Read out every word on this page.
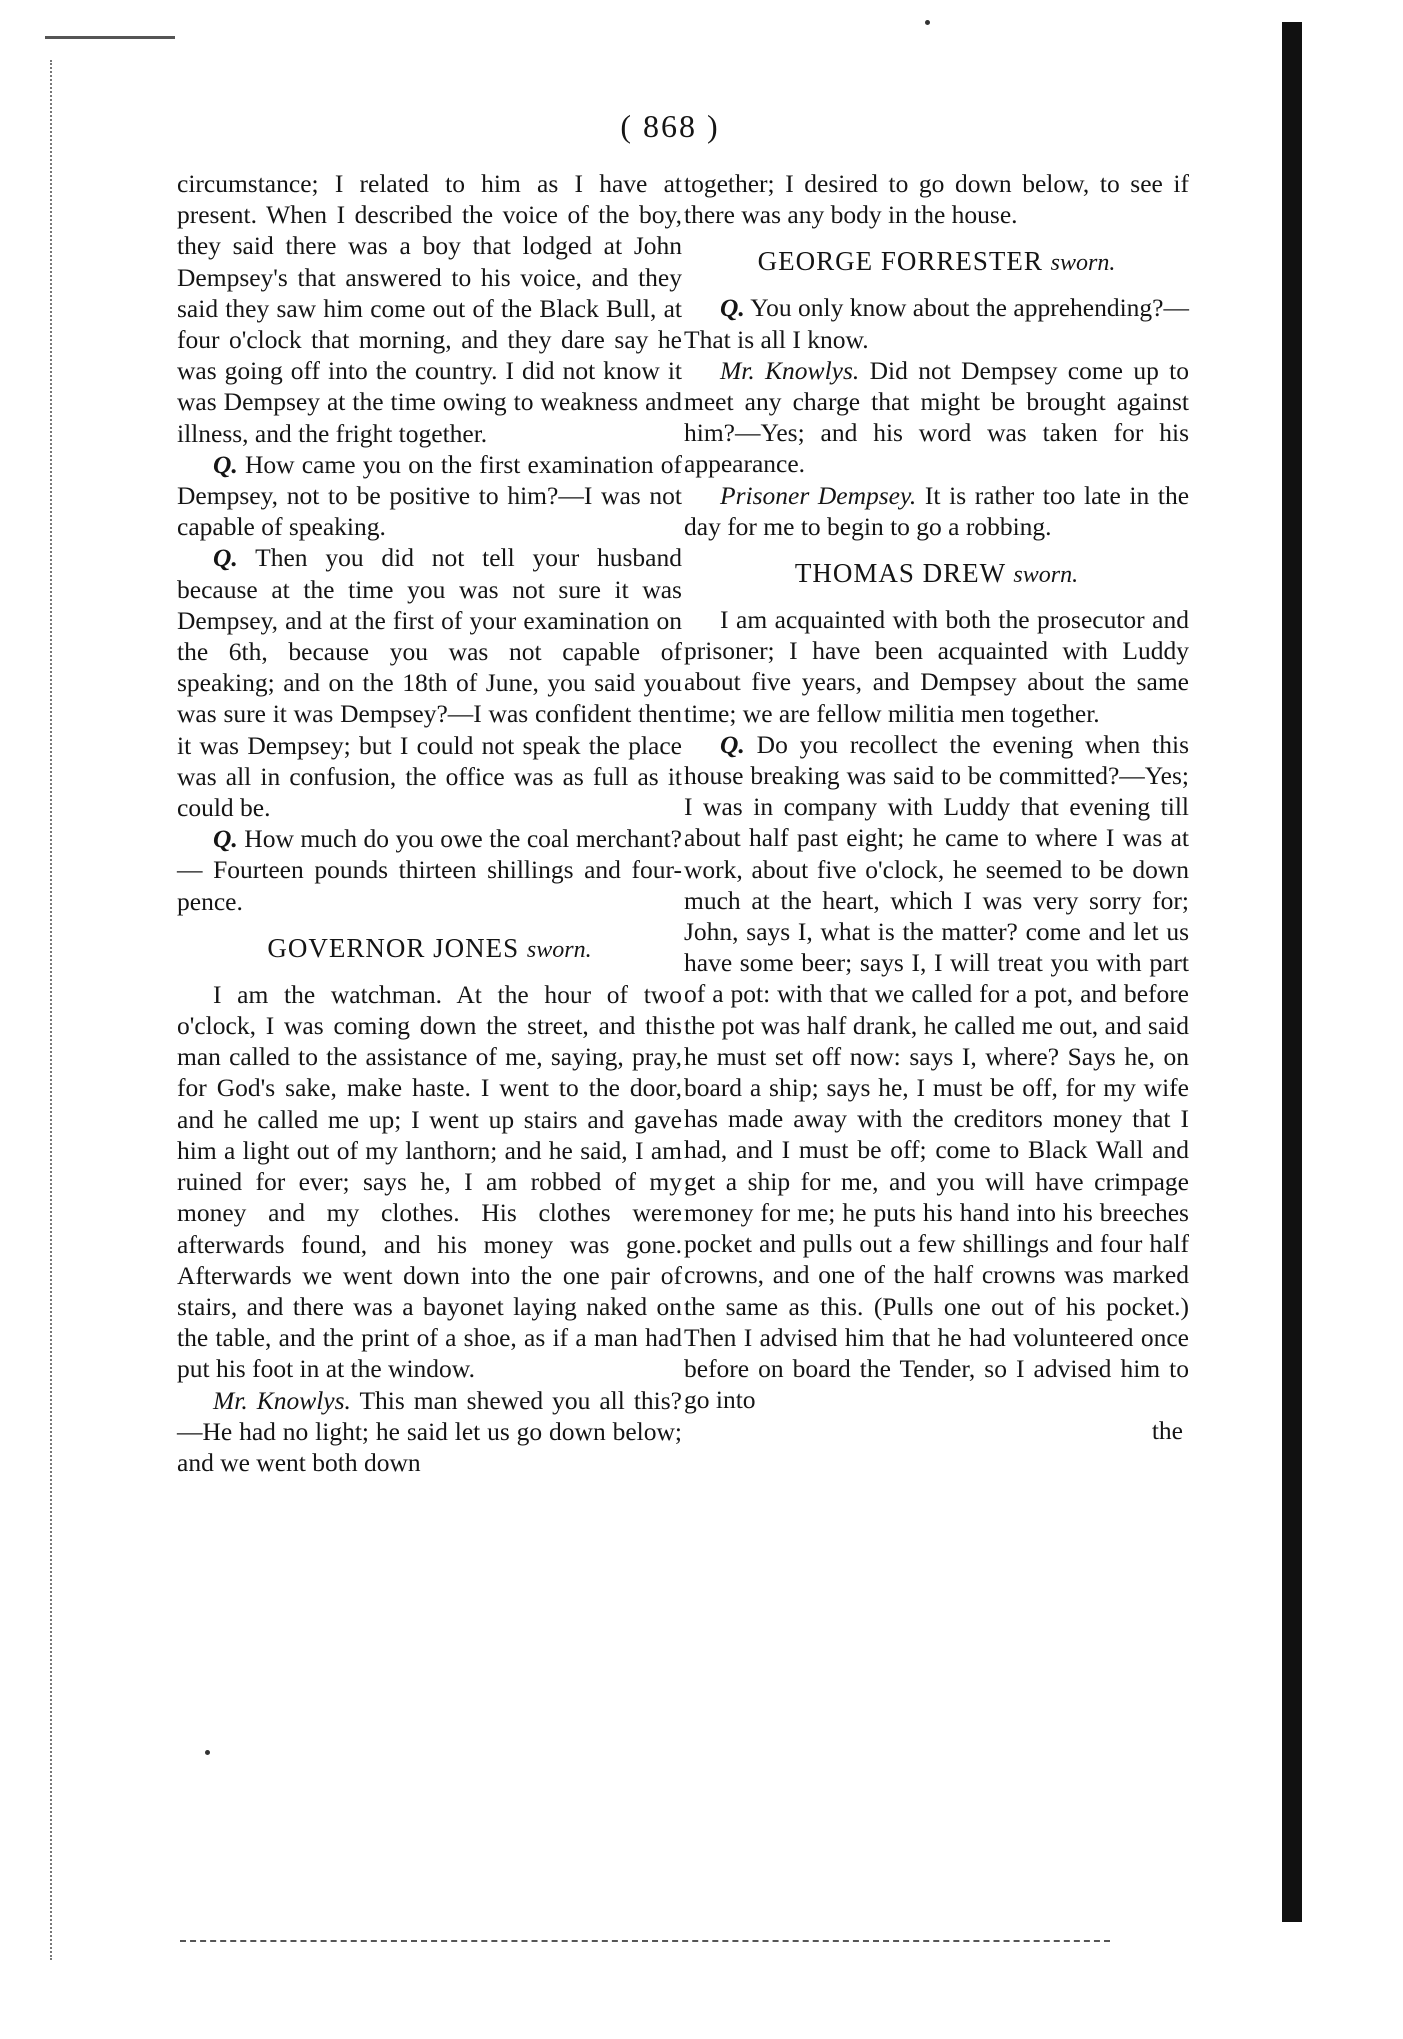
( 868 )

circumstance; I related to him as I have at present. When I described the voice of the boy, they said there was a boy that lodged at John Dempsey's that answered to his voice, and they said they saw him come out of the Black Bull, at four o'clock that morning, and they dare say he was going off into the country. I did not know it was Dempsey at the time owing to weakness and illness, and the fright together.

Q. How came you on the first examination of Dempsey, not to be positive to him?—I was not capable of speaking.

Q. Then you did not tell your husband because at the time you was not sure it was Dempsey, and at the first of your examination on the 6th, because you was not capable of speaking; and on the 18th of June, you said you was sure it was Dempsey?—I was confident then it was Dempsey; but I could not speak the place was all in confusion, the office was as full as it could be.

Q. How much do you owe the coal merchant?— Fourteen pounds thirteen shillings and four-pence.

GOVERNOR JONES sworn.

I am the watchman. At the hour of two o'clock, I was coming down the street, and this man called to the assistance of me, saying, pray, for God's sake, make haste. I went to the door, and he called me up; I went up stairs and gave him a light out of my lanthorn; and he said, I am ruined for ever; says he, I am robbed of my money and my clothes. His clothes were afterwards found, and his money was gone. Afterwards we went down into the one pair of stairs, and there was a bayonet laying naked on the table, and the print of a shoe, as if a man had put his foot in at the window.

Mr. Knowlys. This man shewed you all this?—He had no light; he said let us go down below; and we went both down

together; I desired to go down below, to see if there was any body in the house.

GEORGE FORRESTER sworn.

Q. You only know about the apprehending?—That is all I know.

Mr. Knowlys. Did not Dempsey come up to meet any charge that might be brought against him?—Yes; and his word was taken for his appearance.

Prisoner Dempsey. It is rather too late in the day for me to begin to go a robbing.

THOMAS DREW sworn.

I am acquainted with both the prosecutor and prisoner; I have been acquainted with Luddy about five years, and Dempsey about the same time; we are fellow militia men together.

Q. Do you recollect the evening when this house breaking was said to be committed?—Yes; I was in company with Luddy that evening till about half past eight; he came to where I was at work, about five o'clock, he seemed to be down much at the heart, which I was very sorry for; John, says I, what is the matter? come and let us have some beer; says I, I will treat you with part of a pot: with that we called for a pot, and before the pot was half drank, he called me out, and said he must set off now: says I, where? Says he, on board a ship; says he, I must be off, for my wife has made away with the creditors money that I had, and I must be off; come to Black Wall and get a ship for me, and you will have crimpage money for me; he puts his hand into his breeches pocket and pulls out a few shillings and four half crowns, and one of the half crowns was marked the same as this. (Pulls one out of his pocket.) Then I advised him that he had volunteered once before on board the Tender, so I advised him to go into

the
